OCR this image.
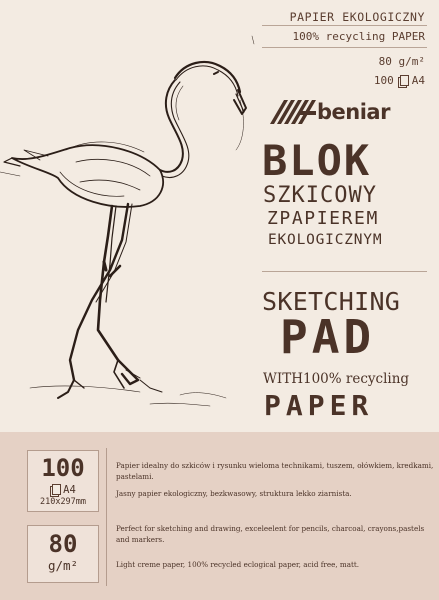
PAPIER EKOLOGICZNY
100% recycling PAPER
80 g/m²
100 A4
beniar
BLOK
SZKICOWY
ZPAPIEREM
EKOLOGICZNYM
SKETCHING
PAD
WITH100% recycling
PAPER
100
A4
210x297mm
80
g/m²
Papier idealny do szkiców i rysunku wieloma technikami, tuszem, ołówkiem, kredkami, pastelami.
Jasny papier ekologiczny, bezkwasowy, struktura lekko ziarnista.
Perfect for sketching and drawing, exceleelent for pencils, charcoal, crayons,pastels and markers.
Light creme paper, 100% recycled eclogical paper, acid free, matt.
